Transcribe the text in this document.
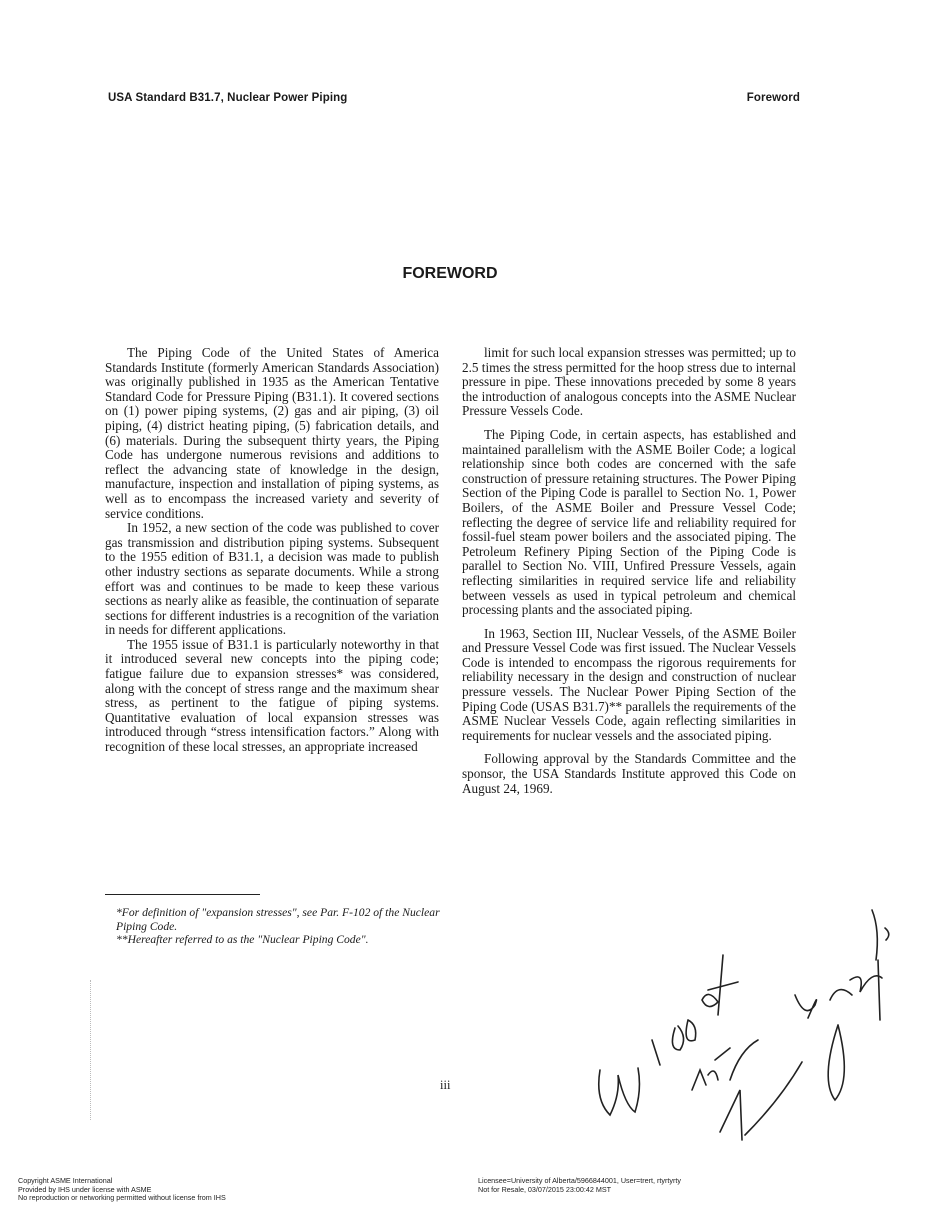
USA Standard B31.7, Nuclear Power Piping	Foreword
FOREWORD

The Piping Code of the United States of America Standards Institute (formerly American Standards Association) was originally published in 1935 as the American Tentative Standard Code for Pressure Piping (B31.1). It covered sections on (1) power piping systems, (2) gas and air piping, (3) oil piping, (4) district heating piping, (5) fabrication details, and (6) materials. During the subsequent thirty years, the Piping Code has undergone numerous revisions and additions to reflect the advancing state of knowledge in the design, manufacture, inspection and installation of piping systems, as well as to encompass the increased variety and severity of service conditions.

In 1952, a new section of the code was published to cover gas transmission and distribution piping systems. Subsequent to the 1955 edition of B31.1, a decision was made to publish other industry sections as separate documents. While a strong effort was and continues to be made to keep these various sections as nearly alike as feasible, the continuation of separate sections for different industries is a recognition of the variation in needs for different applications.

The 1955 issue of B31.1 is particularly noteworthy in that it introduced several new concepts into the piping code; fatigue failure due to expansion stresses* was considered, along with the concept of stress range and the maximum shear stress, as pertinent to the fatigue of piping systems. Quantitative evaluation of local expansion stresses was introduced through “stress intensification factors.” Along with recognition of these local stresses, an appropriate increased

limit for such local expansion stresses was permitted; up to 2.5 times the stress permitted for the hoop stress due to internal pressure in pipe. These innovations preceded by some 8 years the introduction of analogous concepts into the ASME Nuclear Pressure Vessels Code.

The Piping Code, in certain aspects, has established and maintained parallelism with the ASME Boiler Code; a logical relationship since both codes are concerned with the safe construction of pressure retaining structures. The Power Piping Section of the Piping Code is parallel to Section No. 1, Power Boilers, of the ASME Boiler and Pressure Vessel Code; reflecting the degree of service life and reliability required for fossil-fuel steam power boilers and the associated piping. The Petroleum Refinery Piping Section of the Piping Code is parallel to Section No. VIII, Unfired Pressure Vessels, again reflecting similarities in required service life and reliability between vessels as used in typical petroleum and chemical processing plants and the associated piping.

In 1963, Section III, Nuclear Vessels, of the ASME Boiler and Pressure Vessel Code was first issued. The Nuclear Vessels Code is intended to encompass the rigorous requirements for reliability necessary in the design and construction of nuclear pressure vessels. The Nuclear Power Piping Section of the Piping Code (USAS B31.7)** parallels the requirements of the ASME Nuclear Vessels Code, again reflecting similarities in requirements for nuclear vessels and the associated piping.

Following approval by the Standards Committee and the sponsor, the USA Standards Institute approved this Code on August 24, 1969.

*For definition of "expansion stresses", see Par. F-102 of the Nuclear Piping Code.
**Hereafter referred to as the "Nuclear Piping Code".
iii
Copyright ASME International
Provided by IHS under license with ASME
No reproduction or networking permitted without license from IHS
Licensee=University of Alberta/5966844001, User=trert, rtyrtyrty
Not for Resale, 03/07/2015 23:00:42 MST
